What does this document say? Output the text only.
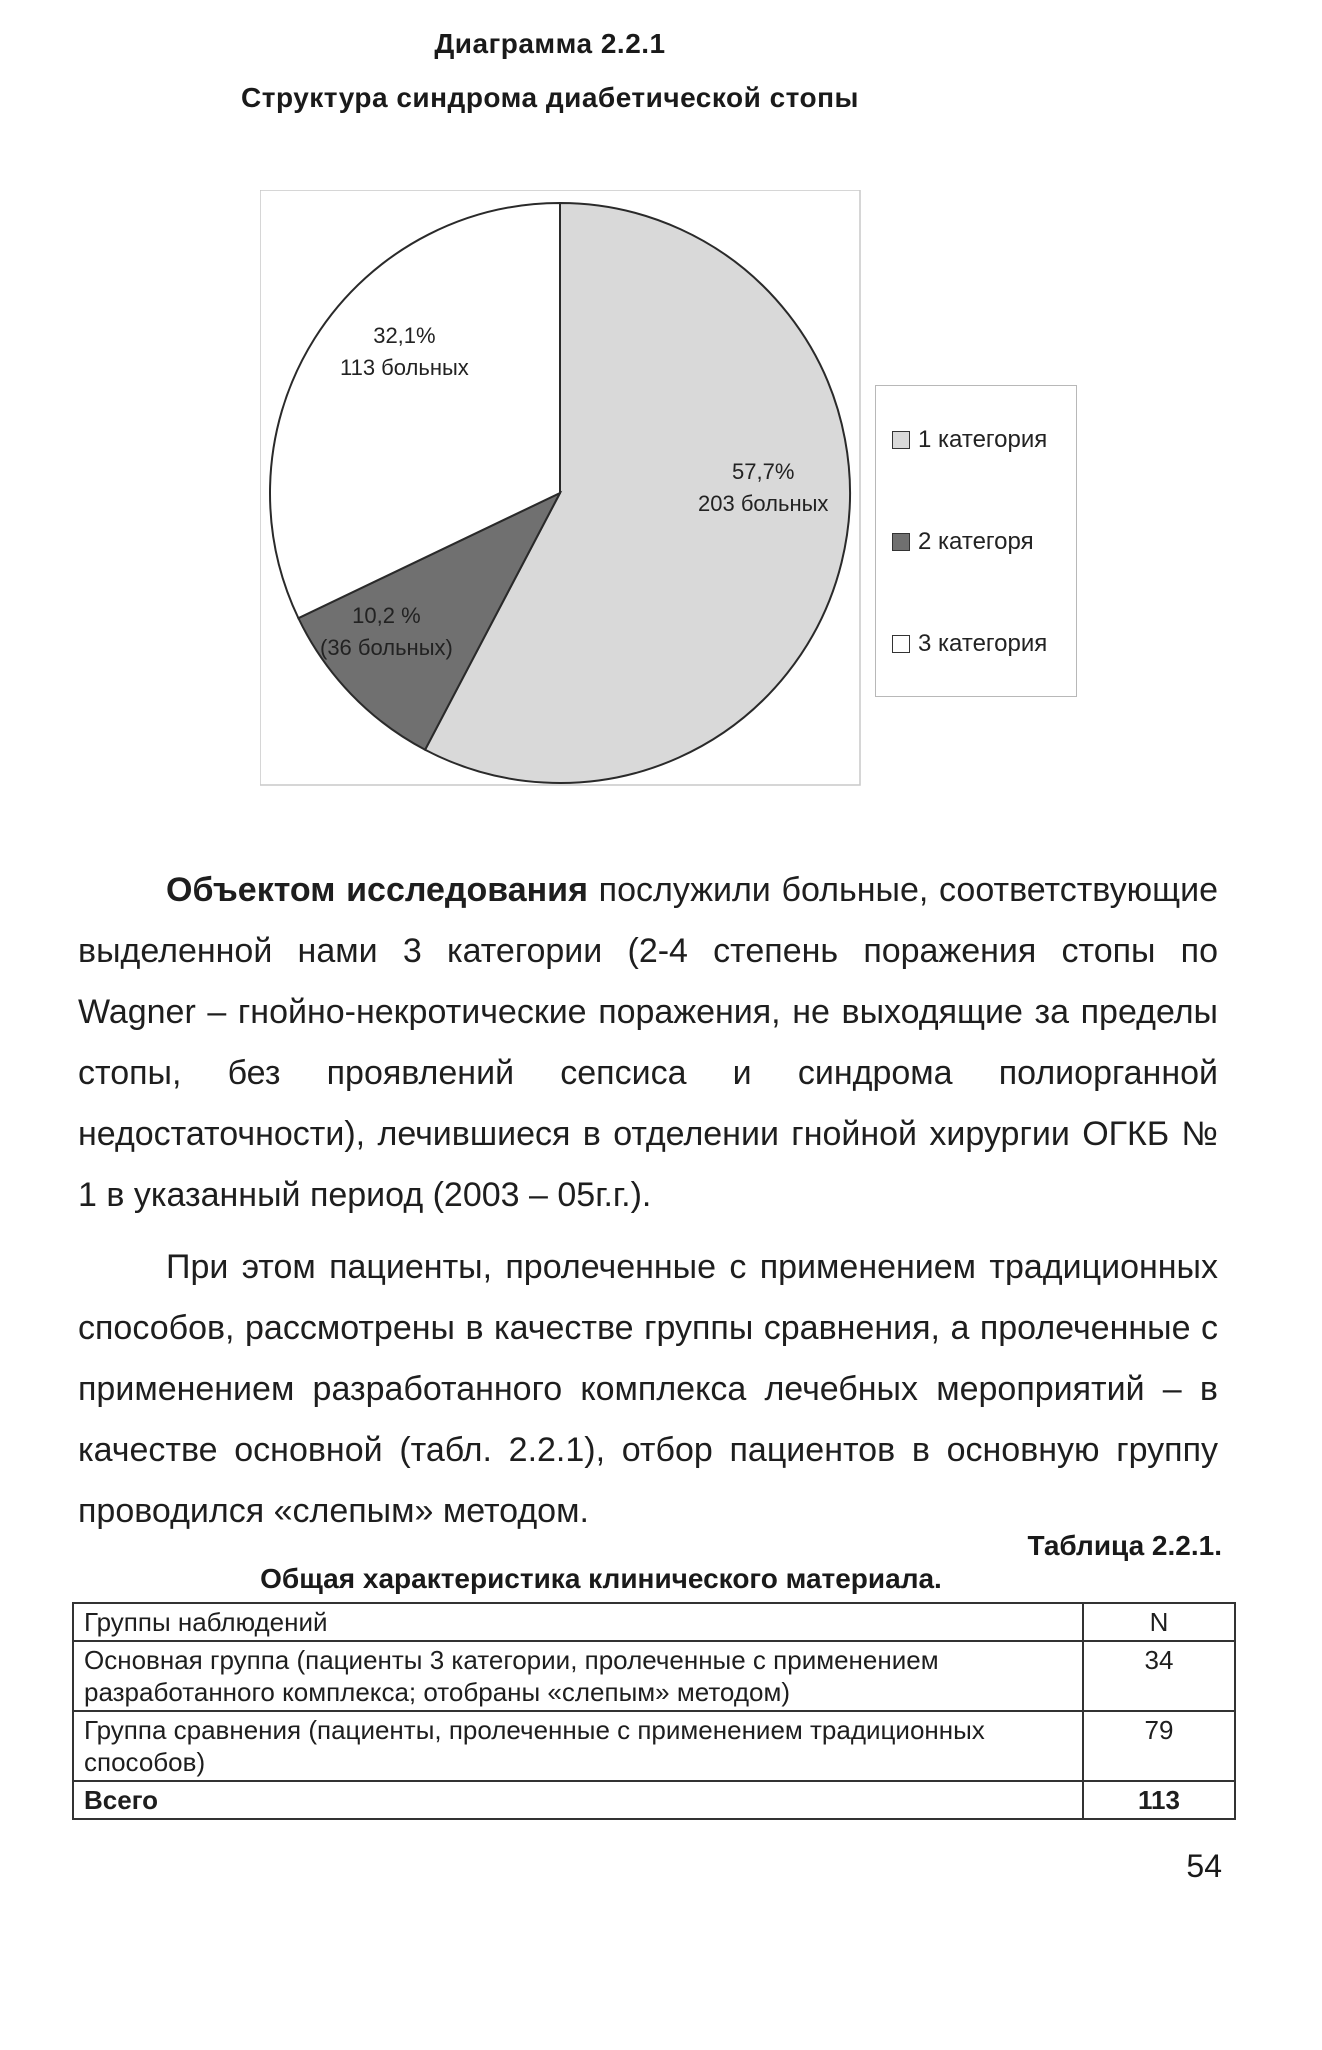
Диаграмма 2.2.1
Структура синдрома диабетической стопы
32,1%
113 больных
57,7%
203 больных
10,2 %
(36 больных)
1 категория
2 категоря
3 категория

Объектом исследования послужили больные, соответствующие выделенной нами 3 категории (2-4 степень поражения стопы по Wagner – гнойно-некротические поражения, не выходящие за пределы стопы, без проявлений сепсиса и синдрома полиорганной недостаточности), лечившиеся в отделении гнойной хирургии ОГКБ № 1 в указанный период (2003 – 05г.г.).

При этом пациенты, пролеченные с применением традиционных способов, рассмотрены в качестве группы сравнения, а пролеченные с применением разработанного комплекса лечебных мероприятий – в качестве основной (табл. 2.2.1), отбор пациентов в основную группу проводился «слепым» методом.

Таблица 2.2.1.
Общая характеристика клинического материала.
Группы наблюдений	N
Основная группа (пациенты 3 категории, пролеченные с применением разработанного комплекса; отобраны «слепым» методом)	34
Группа сравнения (пациенты, пролеченные с применением традиционных способов)	79
Всего	113
54
